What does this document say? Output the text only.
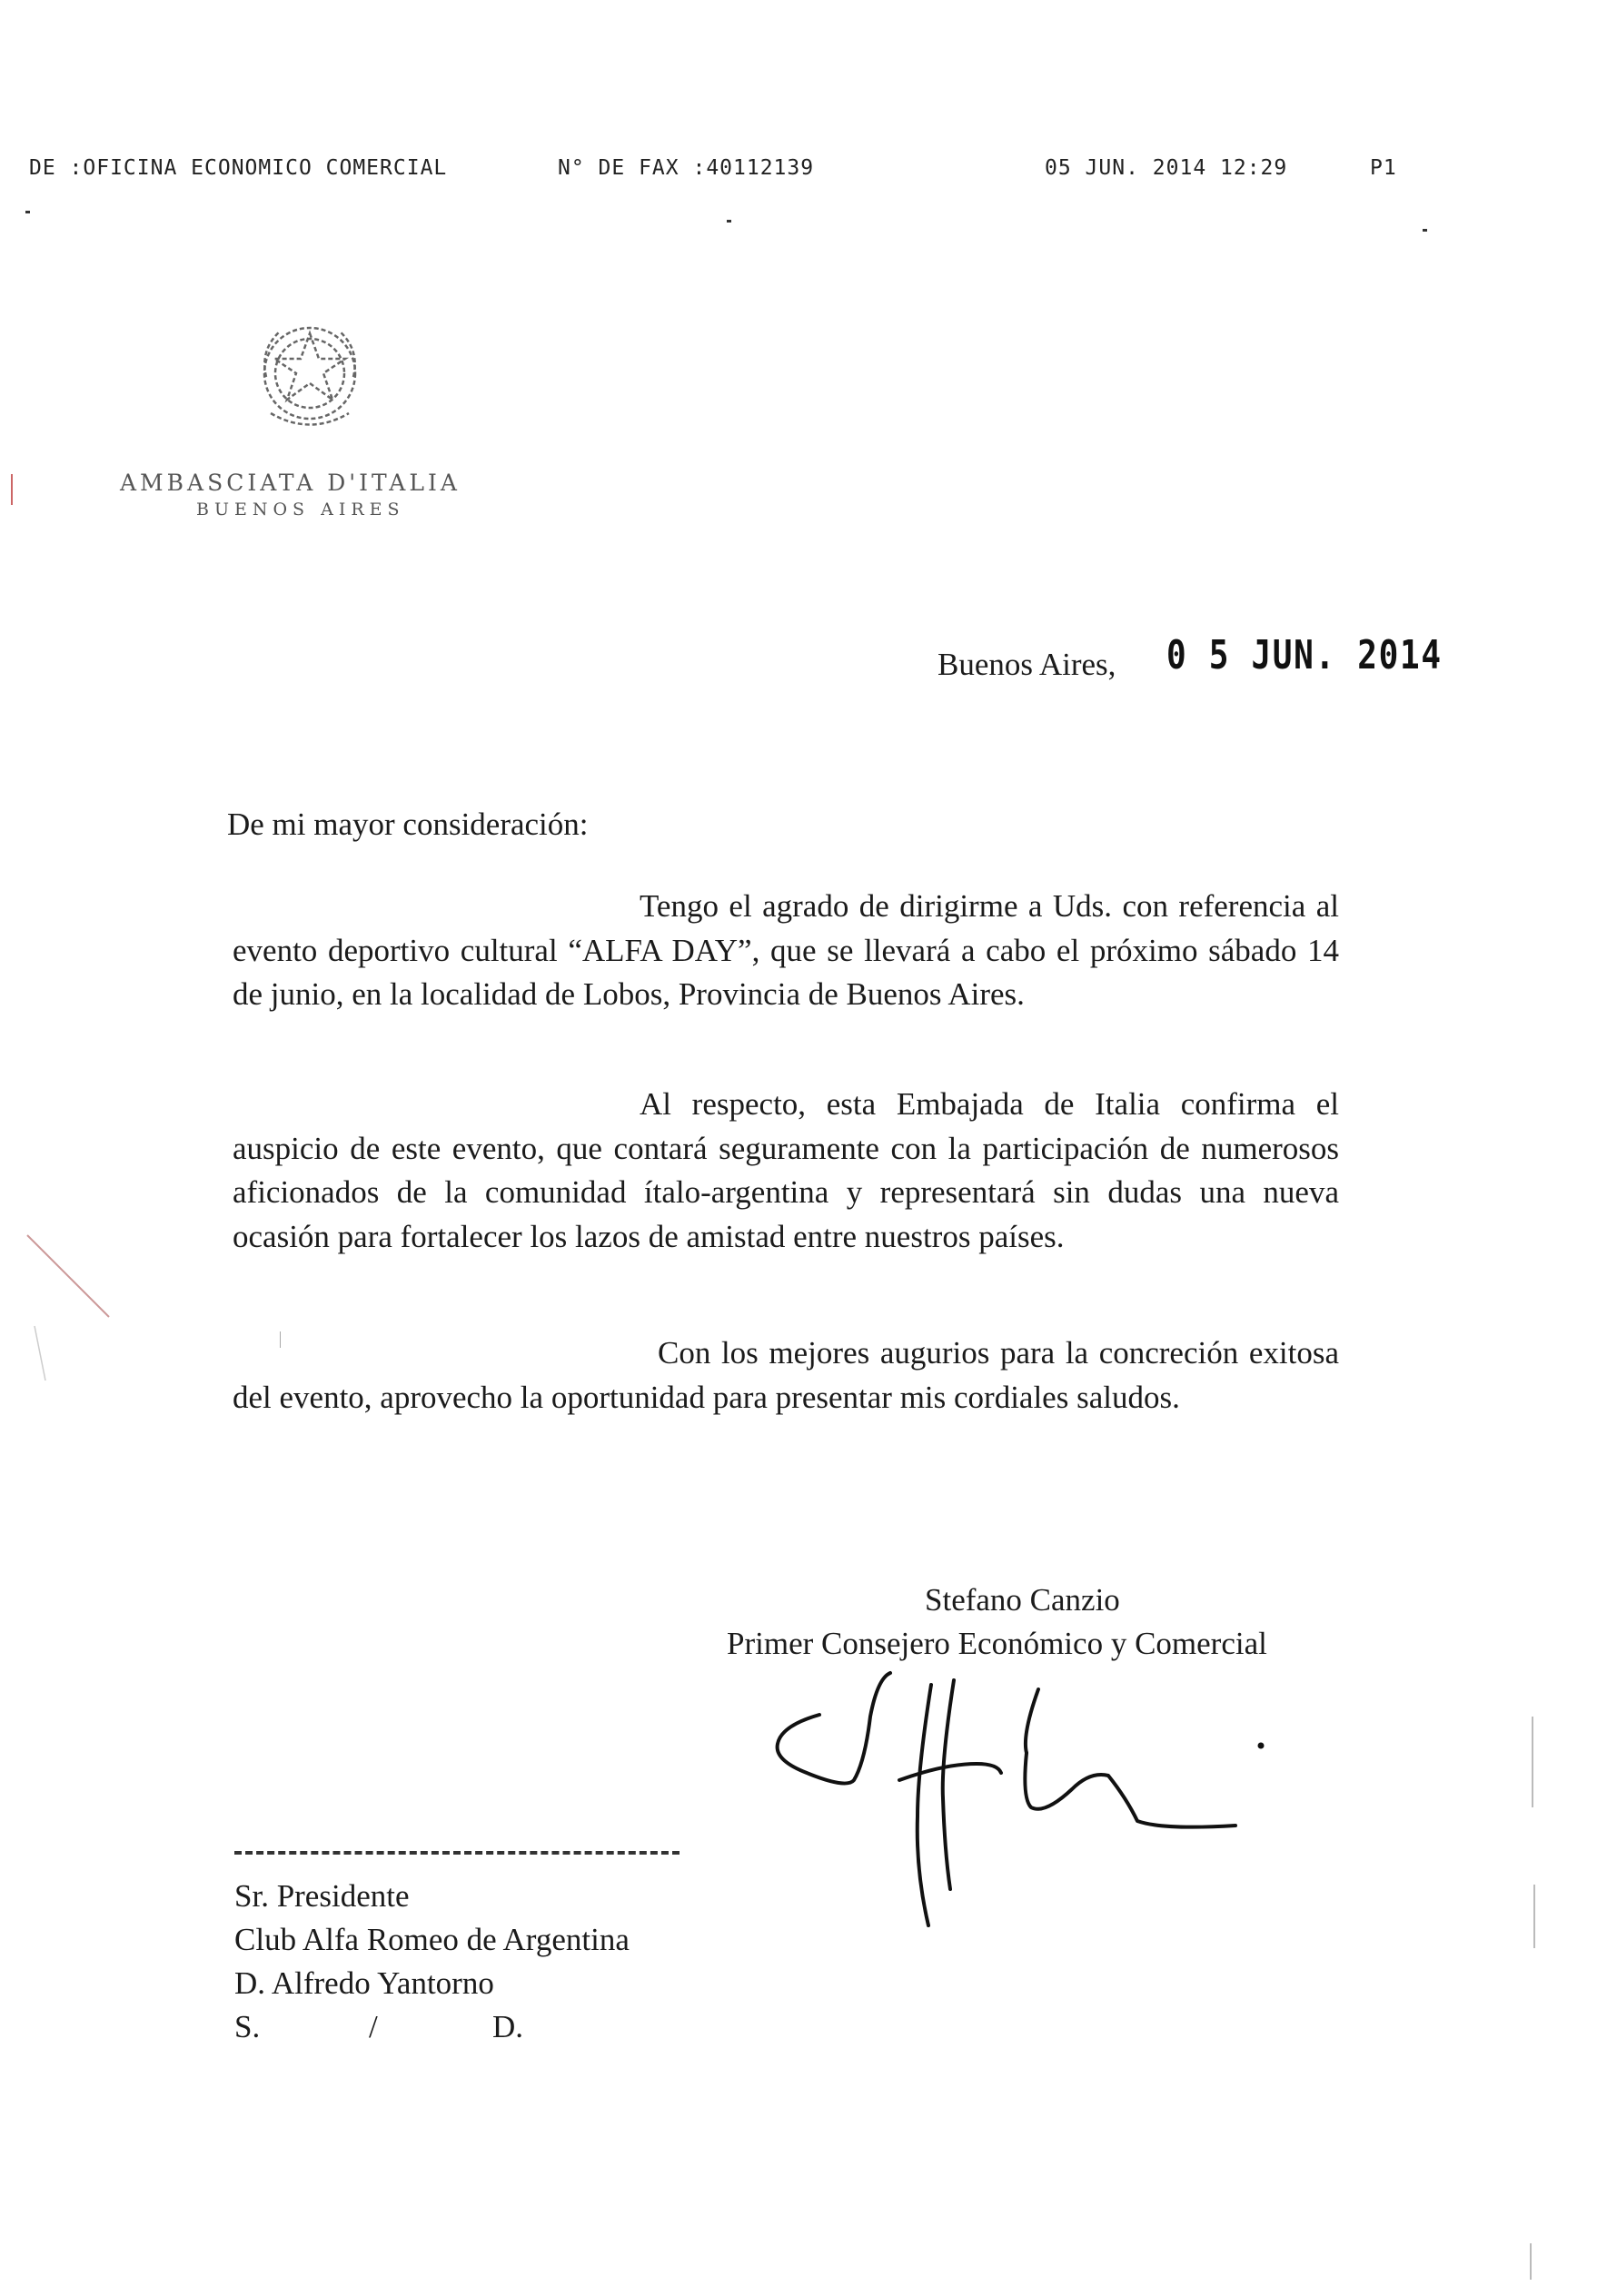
DE :OFICINA ECONOMICO COMERCIAL	N° DE FAX :40112139	05 JUN. 2014 12:29	P1
AMBASCIATA D'ITALIA
BUENOS AIRES
Buenos Aires, 0 5 JUN. 2014
De mi mayor consideración:
Tengo el agrado de dirigirme a Uds. con referencia al evento deportivo cultural “ALFA DAY”, que se llevará a cabo el próximo sábado 14 de junio, en la localidad de Lobos, Provincia de Buenos Aires.
Al respecto, esta Embajada de Italia confirma el auspicio de este evento, que contará seguramente con la participación de numerosos aficionados de la comunidad ítalo-argentina y representará sin dudas una nueva ocasión para fortalecer los lazos de amistad entre nuestros países.
Con los mejores augurios para la concreción exitosa del evento, aprovecho la oportunidad para presentar mis cordiales saludos.
Stefano Canzio
Primer Consejero Económico y Comercial
Sr. Presidente
Club Alfa Romeo de Argentina
D. Alfredo Yantorno
S.	/	D.
